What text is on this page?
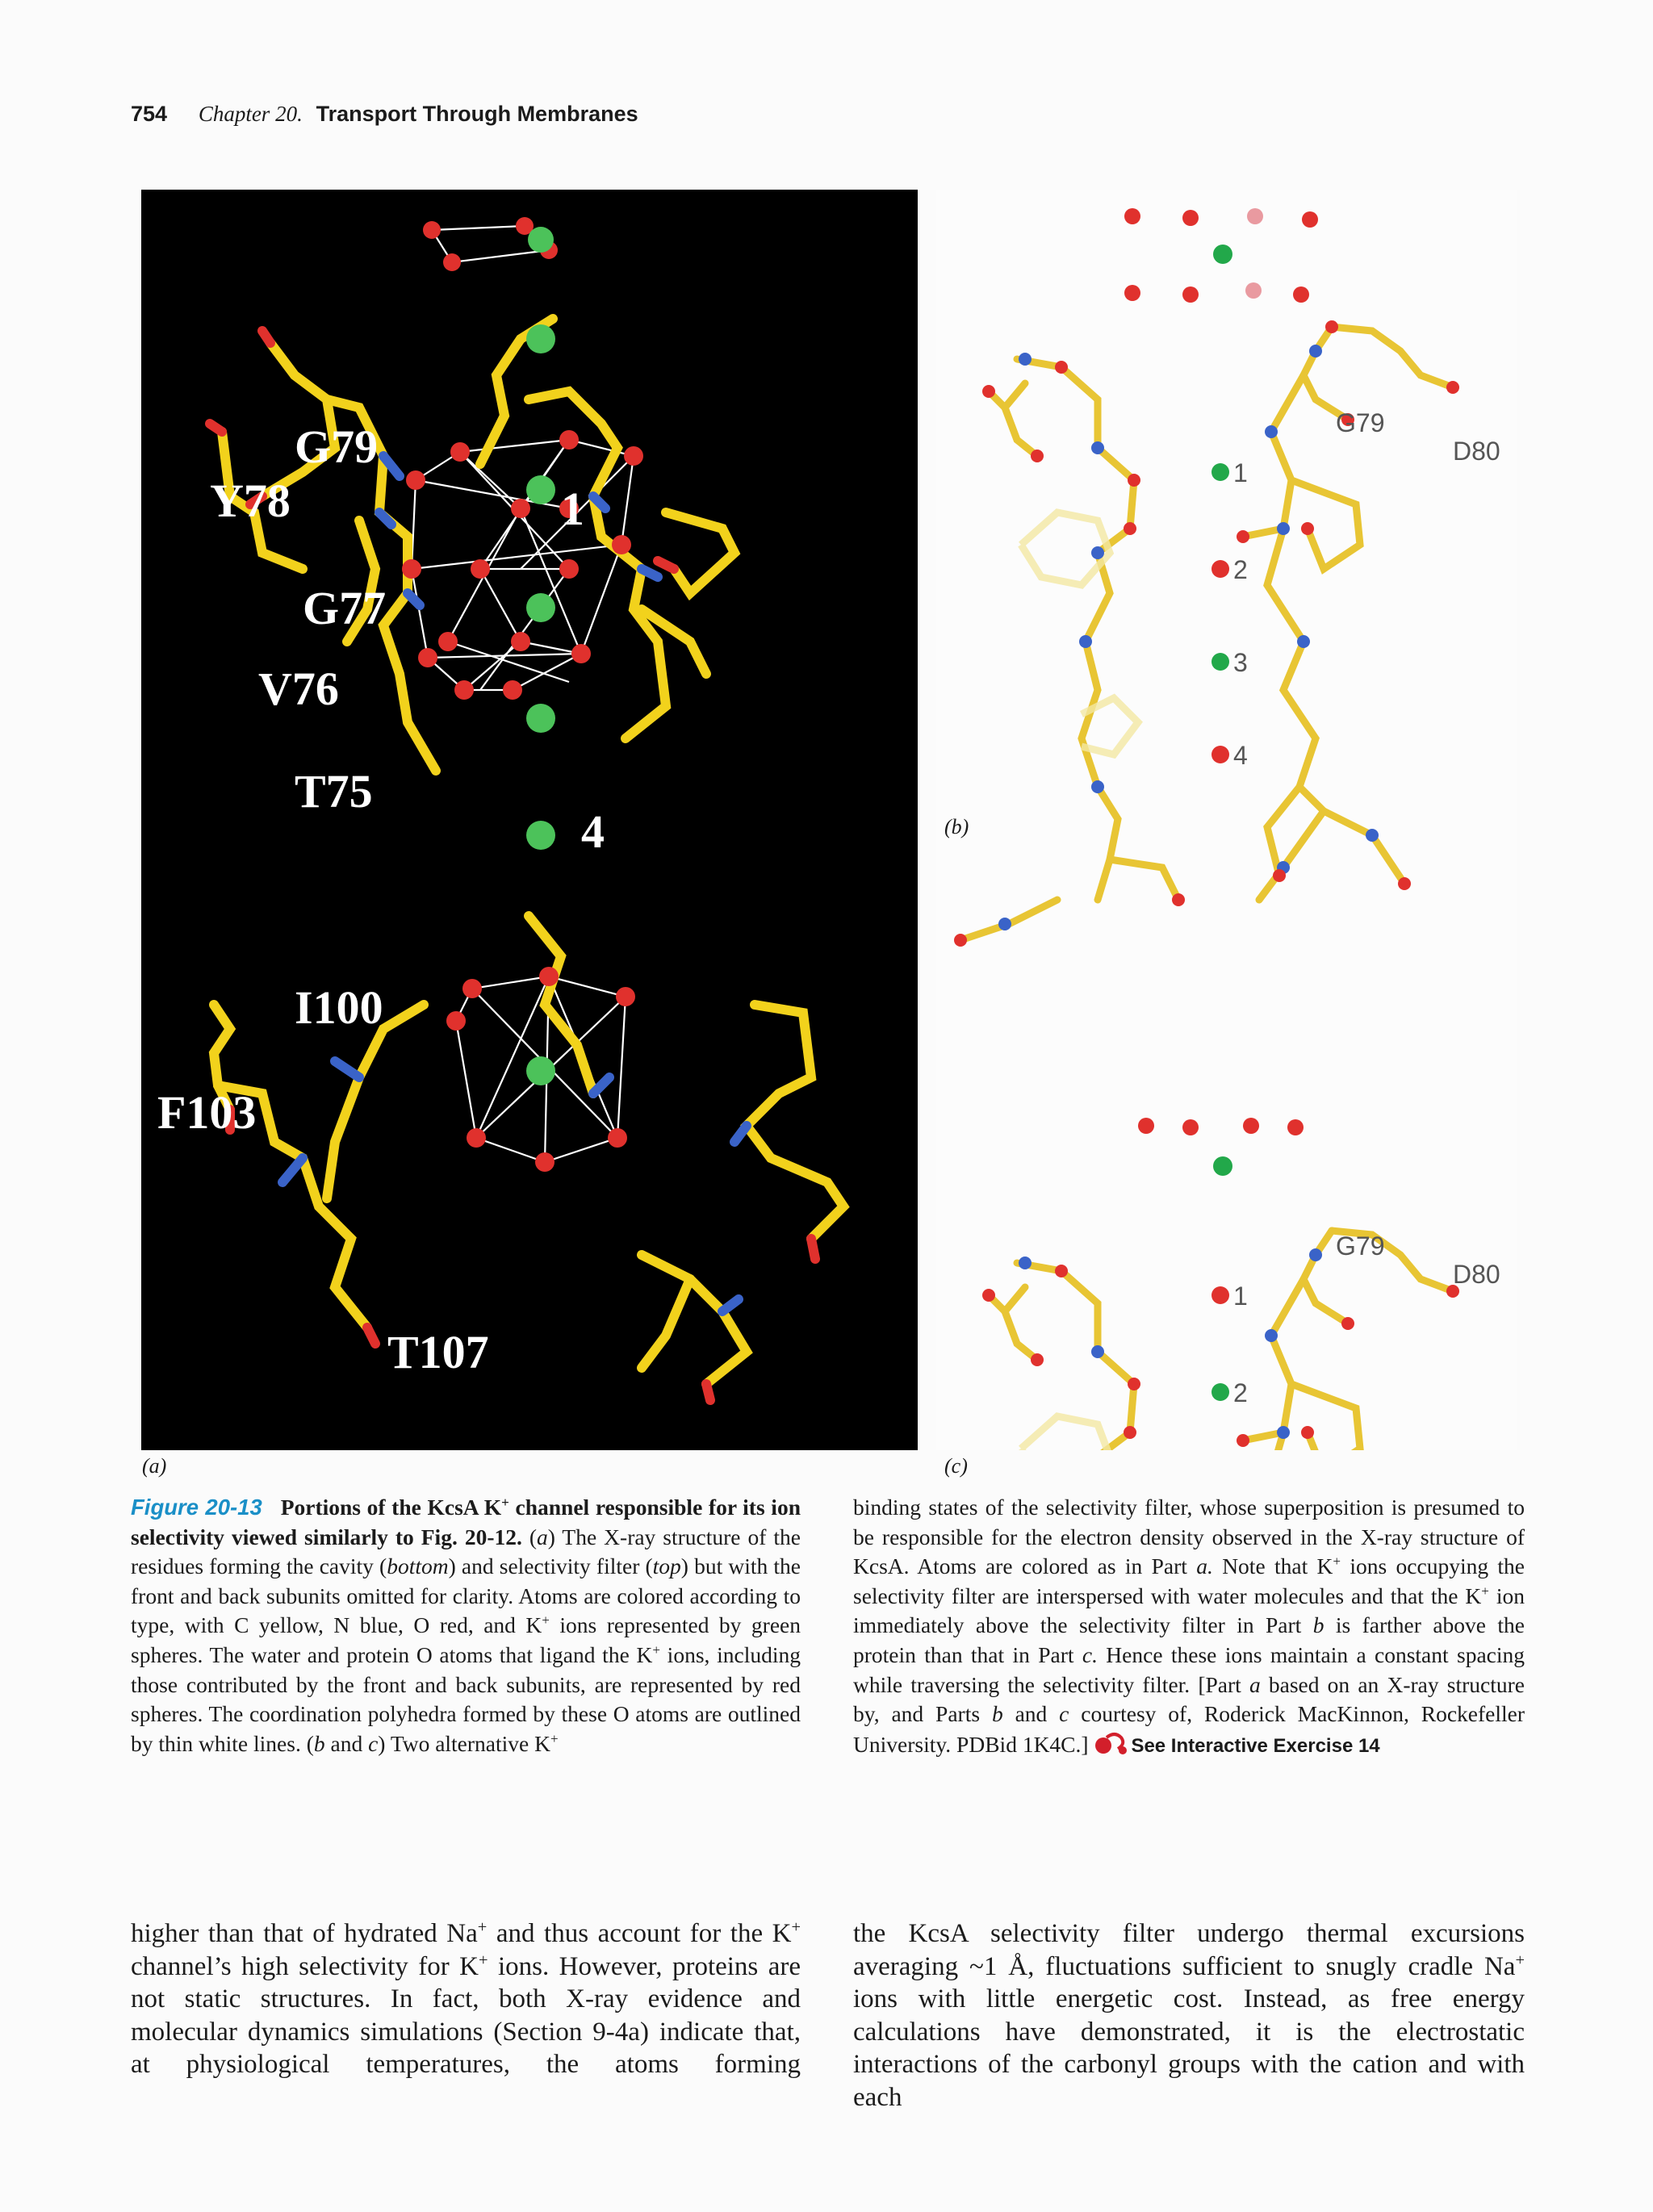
754 Chapter 20. Transport Through Membranes
G79
Y78
G77
V76
T75
I100
F103
T107
1
4
1
2
3
4
G79
D80
1
2
G79
D80
(a)
(b)
(c)
Figure 20-13 Portions of the KcsA K+ channel responsible for its ion selectivity viewed similarly to Fig. 20-12. (a) The X-ray structure of the residues forming the cavity (bottom) and selectivity filter (top) but with the front and back subunits omitted for clarity. Atoms are colored according to type, with C yellow, N blue, O red, and K+ ions represented by green spheres. The water and protein O atoms that ligand the K+ ions, including those contributed by the front and back subunits, are represented by red spheres. The coordination polyhedra formed by these O atoms are outlined by thin white lines. (b and c) Two alternative K+
binding states of the selectivity filter, whose superposition is presumed to be responsible for the electron density observed in the X-ray structure of KcsA. Atoms are colored as in Part a. Note that K+ ions occupying the selectivity filter are interspersed with water molecules and that the K+ ion immediately above the selectivity filter in Part b is farther above the protein than that in Part c. Hence these ions maintain a constant spacing while traversing the selectivity filter. [Part a based on an X-ray structure by, and Parts b and c courtesy of, Roderick MacKinnon, Rockefeller University. PDBid 1K4C.] See Interactive Exercise 14
higher than that of hydrated Na+ and thus account for the K+ channel’s high selectivity for K+ ions. However, proteins are not static structures. In fact, both X-ray evidence and molecular dynamics simulations (Section 9-4a) indicate that, at physiological temperatures, the atoms forming
the KcsA selectivity filter undergo thermal excursions averaging ~1 Å, fluctuations sufficient to snugly cradle Na+ ions with little energetic cost. Instead, as free energy calculations have demonstrated, it is the electrostatic interactions of the carbonyl groups with the cation and with each
